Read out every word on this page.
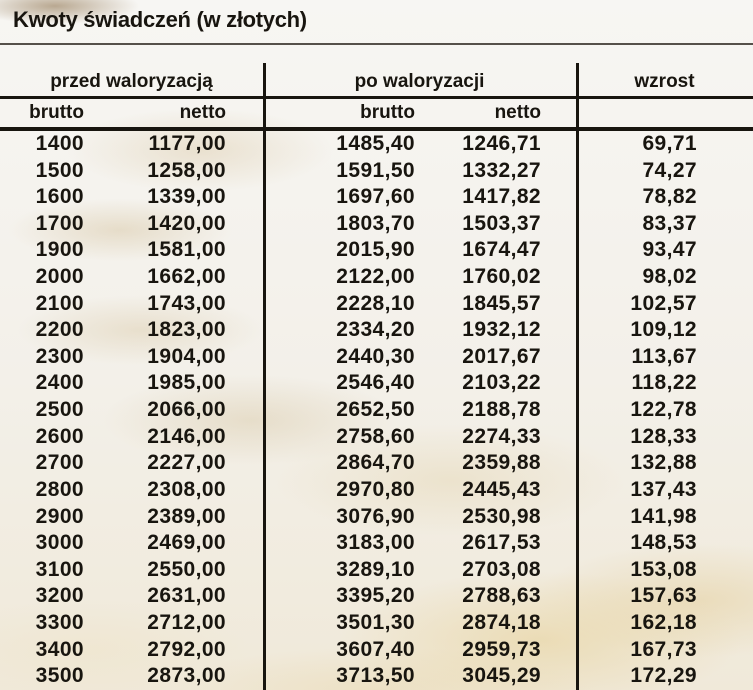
Kwoty świadczeń (w złotych)
przed waloryzacją	po waloryzacji	wzrost
brutto	netto	brutto	netto
1400	1177,00	1485,40	1246,71	69,71
1500	1258,00	1591,50	1332,27	74,27
1600	1339,00	1697,60	1417,82	78,82
1700	1420,00	1803,70	1503,37	83,37
1900	1581,00	2015,90	1674,47	93,47
2000	1662,00	2122,00	1760,02	98,02
2100	1743,00	2228,10	1845,57	102,57
2200	1823,00	2334,20	1932,12	109,12
2300	1904,00	2440,30	2017,67	113,67
2400	1985,00	2546,40	2103,22	118,22
2500	2066,00	2652,50	2188,78	122,78
2600	2146,00	2758,60	2274,33	128,33
2700	2227,00	2864,70	2359,88	132,88
2800	2308,00	2970,80	2445,43	137,43
2900	2389,00	3076,90	2530,98	141,98
3000	2469,00	3183,00	2617,53	148,53
3100	2550,00	3289,10	2703,08	153,08
3200	2631,00	3395,20	2788,63	157,63
3300	2712,00	3501,30	2874,18	162,18
3400	2792,00	3607,40	2959,73	167,73
3500	2873,00	3713,50	3045,29	172,29
